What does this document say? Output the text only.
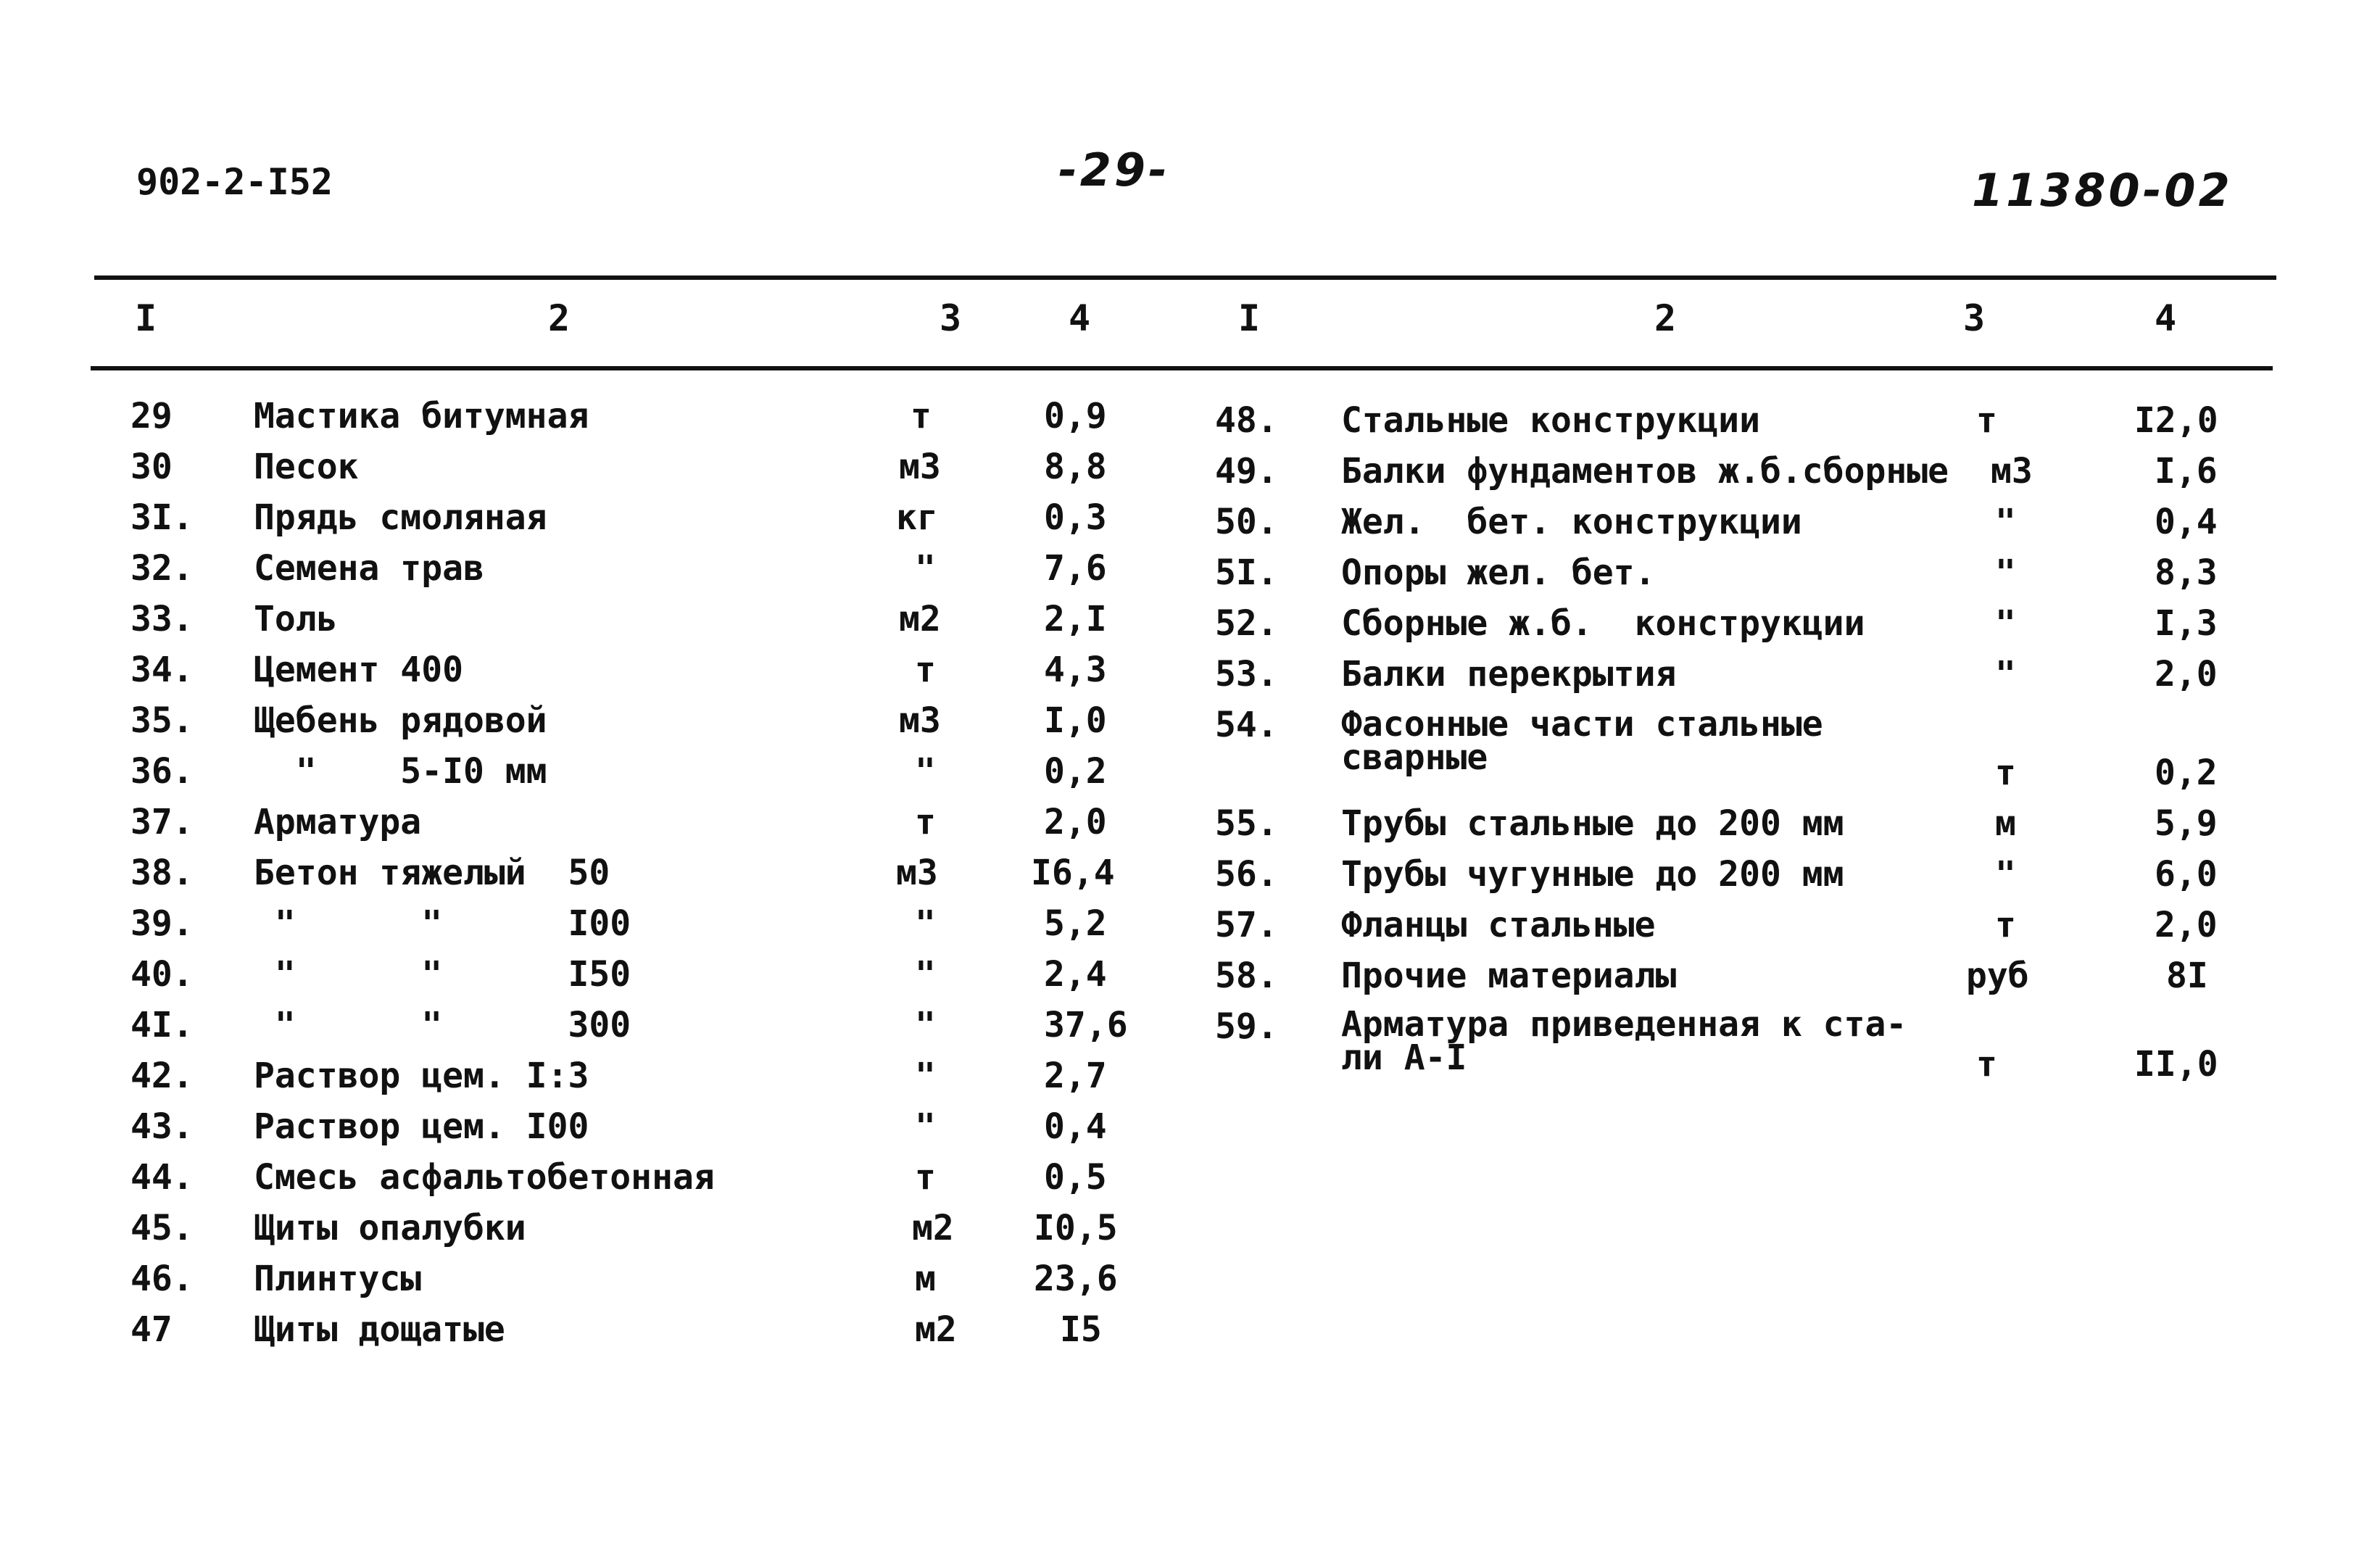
902-2-I52	-29-	11380-02
I	2	3	4	I	2	3	4
29 Мастика битумная	т	0,9
30 Песок	м3	8,8
3I. Прядь смоляная	кг	0,3
32. Семена трав	"	7,6
33. Толь	м2	2,I
34. Цемент 400	т	4,3
35. Щебень рядовой	м3	I,0
36. "    5-I0 мм	"	0,2
37. Арматура	т	2,0
38. Бетон тяжелый  50	м3	I6,4
39. "      "      I00	"	5,2
40. "      "      I50	"	2,4
4I. "      "      300	"	37,6
42. Раствор цем. I:3	"	2,7
43. Раствор цем. I00	"	0,4
44. Смесь асфальтобетонная	т	0,5
45. Щиты опалубки	м2 I0,5
46. Плинтусы	м	23,6
47 Щиты дощатые	м2	I5
48. Стальные конструкции	т	I2,0
49. Балки фундаментов ж.б.сборные м3	I,6
50. Жел.  бет. конструкции	"	0,4
5I. Опоры жел. бет.	"	8,3
52. Сборные ж.б.  конструкции	"	I,3
53. Балки перекрытия	"	2,0
54. Фасонные части стальные сварные	т	0,2
55. Трубы стальные до 200 мм	м	5,9
56. Трубы чугунные до 200 мм	"	6,0
57. Фланцы стальные	т	2,0
58. Прочие материалы	руб	8I
59. Арматура приведенная к ста-ли А-I	т	II,0
